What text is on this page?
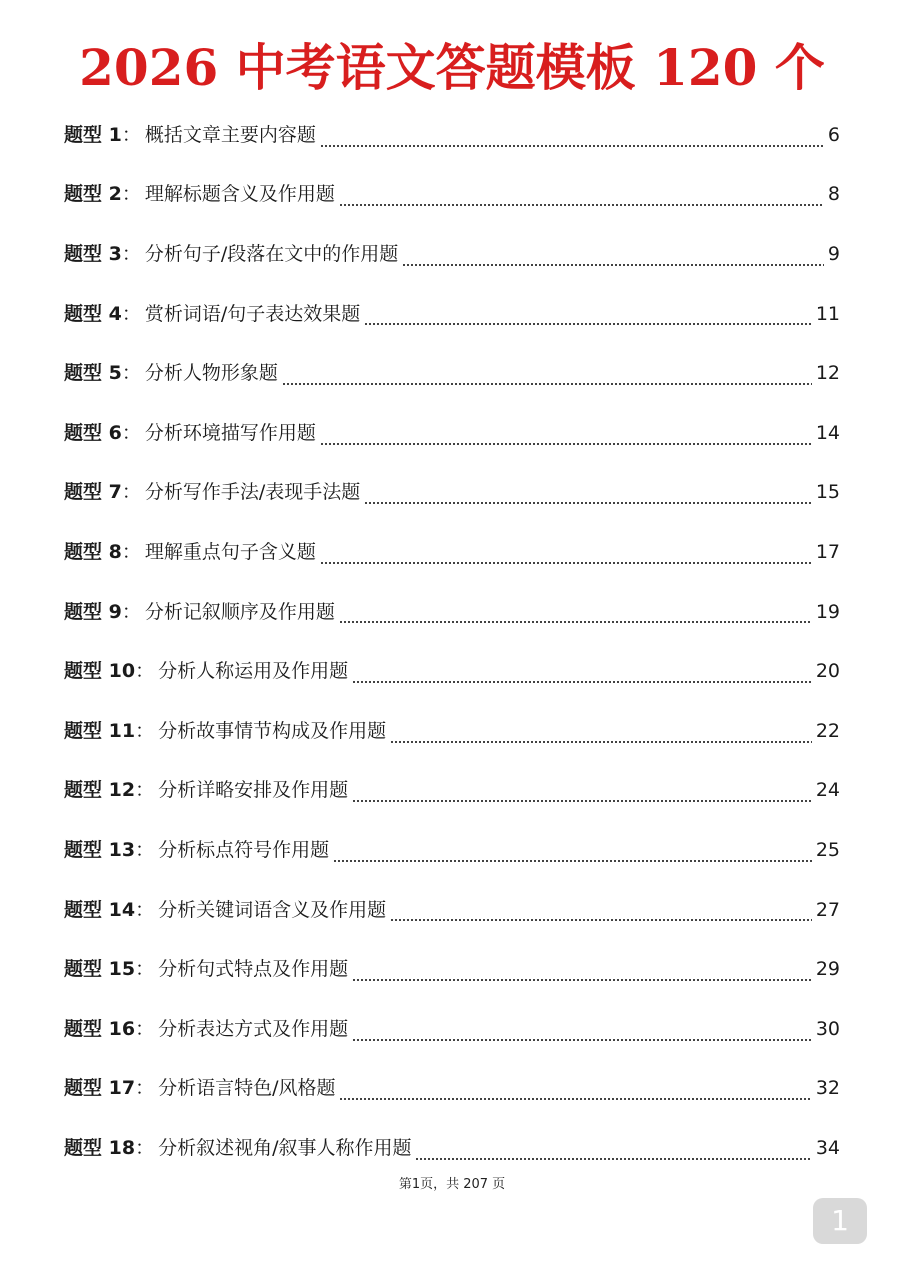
2026 中考语文答题模板 120 个
题型 1 ： 概括文章主要内容题	6
题型 2 ： 理解标题含义及作用题	8
题型 3 ： 分析句子/段落在文中的作用题	9
题型 4 ： 赏析词语/句子表达效果题	11
题型 5 ： 分析人物形象题	12
题型 6 ： 分析环境描写作用题	14
题型 7 ： 分析写作手法/表现手法题	15
题型 8 ： 理解重点句子含义题	17
题型 9 ： 分析记叙顺序及作用题	19
题型 10 ： 分析人称运用及作用题	20
题型 11 ： 分析故事情节构成及作用题	22
题型 12 ： 分析详略安排及作用题	24
题型 13 ： 分析标点符号作用题	25
题型 14 ： 分析关键词语含义及作用题	27
题型 15 ： 分析句式特点及作用题	29
题型 16 ： 分析表达方式及作用题	30
题型 17 ： 分析语言特色/风格题	32
题型 18 ： 分析叙述视角/叙事人称作用题	34
第1页，共 207 页
1
